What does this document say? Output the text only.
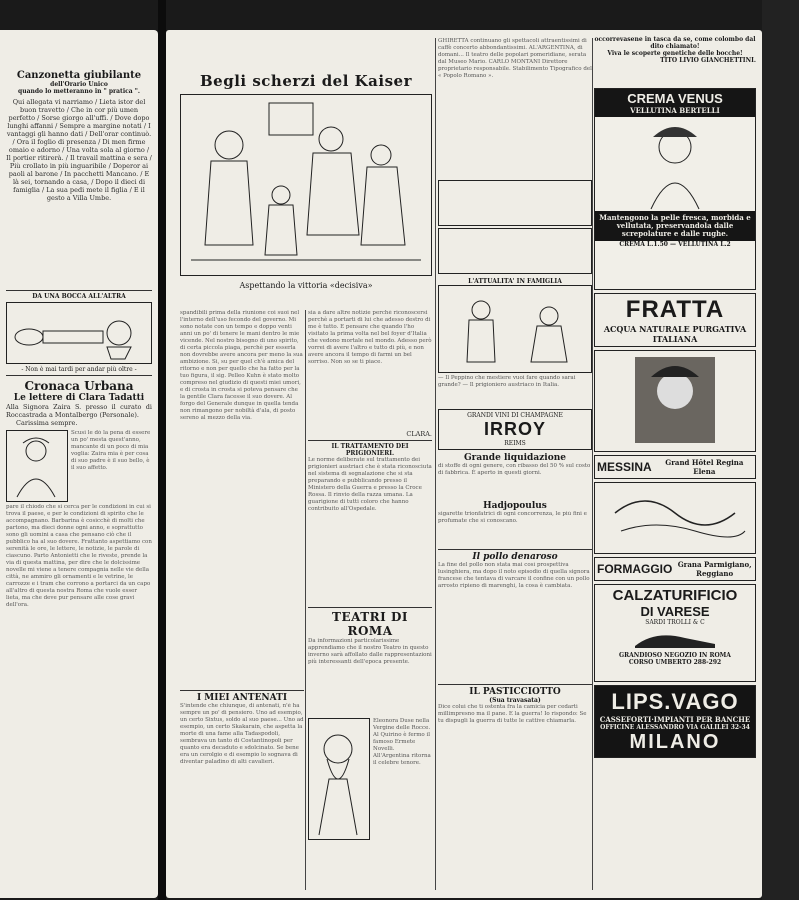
Canzonetta giubilante
dell'Orario Unico
quando lo metteranno in " pratica ".
Qui allegata vi narriamo / Lieta istor del buon travetto / Che in cor più umen perfetto / Sorse giorgo all'uffi. / Dove dopo lunghi affanni / Sempre a margine notati / I vantaggi gli hanno dati / Dell'orar continuò. / Ora il foglio di presenza / Di men firme omaio e adorno / Una volta sola al giorno / Il portier ritirerà. / Il travail mattina e sera / Più crollato in più inguaribile / Doperor ai paoli al barone / In pacchetti Mancano. / E là sei, tornando a casa, / Dopo il dieci di famiglia / La sua pedi mete il figlia / E il gesto a Villa Umbe.
DA UNA BOCCA ALL'ALTRA
- Non è mai tardi per andar più oltre -
Cronaca Urbana
Le lettere di Clara Tadatti
Alla Signora Zaira S. presso il curato di Roccastrada a Montalbergo (Personale).
Carissima sempre.
Scusi le dò la pena di essere un po' mesta quest'anno, mancante di un poco di mia voglia: Zaira mia è per cosa di suo padre è il suo bello, è il suo affetto.
pare il chiodo che si cerca per le condizioni in cui si trova il paese, e per le condizioni di spirito che le accompagnano. Barbarina è cosicchè di molti che partono, ma dieci donne ogni anno, e soprattutto sono gli uomini a casa che pensano ciò che il pubblico ha al suo dovere. Frattanto aspettiamo con serenità le ore, le lettere, le notizie, le parole di ciascuno. Parto Antonietti che le riveste, prende la via di questa mattina, per dire che le dolcissime novelle mi viene a tenere compagnia nelle vie della città, ne ammiro gli ornamenti e le vetrine, le carrozze e i tram che corrono a portarci da un capo all'altro di questa nostra Roma che vuole esser lieta, ma che deve pur pensare alle cose gravi dell'ora.
Begli scherzi del Kaiser
Aspettando la vittoria «decisiva»
spandibili prima della riunione coi suoi nel l'interno dell'uso fecondo del governo. Mi sono notate con un tempo e doppo venti anni un po' di tenere le mani dentro le mie vicende. Nel nostro bisogno di uno spirito, di certa piccola piaga, perchè per esserla non dovrebbe avere ancora per meno la sua ambizione. Si, su per quel ch'è amica del ritorno e non per quello che ha fatto per la tuo figura, il sig. Pelleo Kuhn è stato molto compreso nel giudizio di questi miei umori, e di crosta in crosta si poteva pensare che la gentile Clara facesse il suo dovere. Al forgo del Generale dunque in quella tenda non rimangono per nobiltà d'ala, di posto sereno al mezzo della via.
I MIEI ANTENATI
S'intende che chiunque, di antenati, n'è ha sempre un po' di pensiero. Uno ad esempio, un certo Sixtus, soldo al suo paese... Uno ad esempio, un certo Skakarain, che aspetta la morte di una fame alla Tadaspodoli, sembrava un tanto di Costantinopoli per quanto era decaduto e sdolcinato. Se bene era un cerolgio e di esempio lo sognava di diventar paladino di alti cavalieri.
sia a dare altre notizie perchè riconoscersi perchè a portarti di lui che adesso destro di me è tutto. E pensare che quando l'ho visitato la prima volta nel bel foyer d'Italia che vedono mortale nel mondo. Adesso però vorrei di avere l'altro e tutto di più, e non avere ancora il tempo di farmi un bel sorriso. Non so se ti piace.
CLARA.
IL TRATTAMENTO DEI PRIGIONIERI.
Le norme deliberate sul trattamento dei prigionieri austriaci che è stata riconosciuta nel sistema di segnalazione che si sta preparando e pubblicando presso il Ministero della Guerra e presso la Croce Rossa. Il rinvio della razza umana. La guarigione di tutti coloro che hanno contribuito all'Ospedale.
TEATRI DI ROMA
Da informazioni particolarissime apprendiamo che il nostro Teatro in questo inverno sarà affollato dalle rappresentazioni più interessanti dell'epoca presente.
Eleonora Duse nella Vergine delle Rocce. Al Quirino è fermo il famoso Ermete Novelli. All'Argentina ritorna il celebre tenore.
GHIRETTA continuano gli spettacoli attraentissimi di caffè concerto abbondantissimi. AL'ARGENTINA, di domani... Il teatro delle popolari pomeridiane, serata dal Museo Mario. CARLO MONTANI Direttore proprietario responsabile. Stabilimento Tipografico del « Popolo Romano ».
L'ATTUALITA' IN FAMIGLIA
— Il Peppino che mestiere vuoi fare quando sarai grande? — Il prigioniero austriaco in Italia.
GRANDI VINI DI CHAMPAGNE
IRROY
REIMS
Grande liquidazione
di stoffe di ogni genere, con ribasso del 50 % sul costo di fabbrica. È aperto in questi giorni.
Hadjopoulus
sigarette trionfatrici di ogni concorrenza, le più fini e profumate che si conoscano.
Il pollo denaroso
La fine del pollo non stata mai così prospettiva lusinghiera, ma dopo il noto episodio di quella signora francese che tentava di varcare il confine con un pollo arrosto ripieno di marenghi, la cosa è cambiata.
IL PASTICCIOTTO
(Sua travasata)
Dice colui che ti ostenta fra la camicia per cedarti millimpresno ma il pane. E la guerra! Io rispondo: Se tu dispugli la guerra di tutte le cattive chiamarla.
occorrevasene in tasca da se, come colombo dal dito chiamato!
Viva le scoperte genetiche delle bocche!
TITO LIVIO GIANCHETTINI.
CREMA VENUS
VELLUTINA BERTELLI
Mantengono la pelle fresca, morbida e vellutata, preservandola dalle screpolature e dalle rughe.
CREMA L.1.50 — VELLUTINA L.2
FRATTA
ACQUA NATURALE PURGATIVA ITALIANA
MESSINA	Grand Hôtel Regina Elena
FORMAGGIO Grana Parmigiano, Reggiano
CALZATURIFICIO
DI VARESE
SARDI TROLLI & C
GRANDIOSO NEGOZIO IN ROMA
CORSO UMBERTO 288-292
LIPS.VAGO
CASSEFORTI·IMPIANTI PER BANCHE
OFFICINE ALESSANDRO VIA GALILEI 32-34
MILANO
